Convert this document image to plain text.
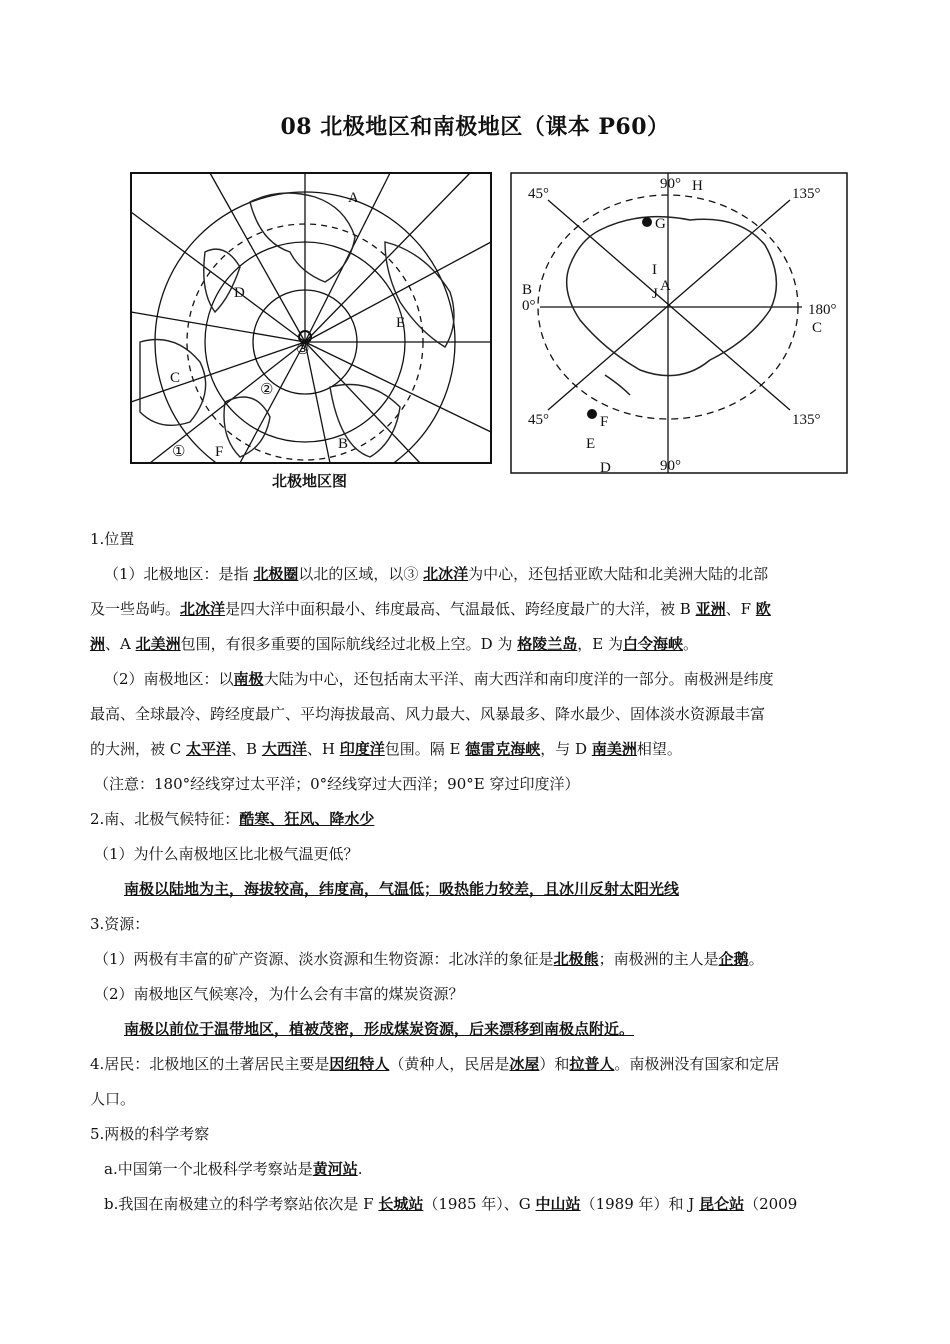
08 北极地区和南极地区（课本 P60）
A
B
C
D
E
F
①
②
③
北极地区图
90°
90°
45°
45°
135°
135°
0°	180°
A
B
C
D
E
F
G
H
I
J
1.位置
（1）北极地区：是指 北极圈以北的区域，以③ 北冰洋为中心，还包括亚欧大陆和北美洲大陆的北部
及一些岛屿。北冰洋是四大洋中面积最小、纬度最高、气温最低、跨经度最广的大洋，被 B 亚洲、F 欧
洲、A 北美洲包围，有很多重要的国际航线经过北极上空。D 为 格陵兰岛，E 为白令海峡。
（2）南极地区：以南极大陆为中心，还包括南太平洋、南大西洋和南印度洋的一部分。南极洲是纬度
最高、全球最冷、跨经度最广、平均海拔最高、风力最大、风暴最多、降水最少、固体淡水资源最丰富
的大洲，被 C 太平洋、B 大西洋、H 印度洋包围。隔 E 德雷克海峡，与 D 南美洲相望。
（注意：180°经线穿过太平洋；0°经线穿过大西洋；90°E 穿过印度洋）
2.南、北极气候特征：酷寒、狂风、降水少
（1）为什么南极地区比北极气温更低？
南极以陆地为主，海拔较高，纬度高，气温低；吸热能力较差，且冰川反射太阳光线
3.资源：
（1）两极有丰富的矿产资源、淡水资源和生物资源：北冰洋的象征是北极熊；南极洲的主人是企鹅。
（2）南极地区气候寒冷，为什么会有丰富的煤炭资源？
南极以前位于温带地区，植被茂密，形成煤炭资源，后来漂移到南极点附近。
4.居民：北极地区的土著居民主要是因纽特人（黄种人，民居是冰屋）和拉普人。南极洲没有国家和定居
人口。
5.两极的科学考察
a.中国第一个北极科学考察站是黄河站.
b.我国在南极建立的科学考察站依次是 F 长城站（1985 年）、G 中山站（1989 年）和 J 昆仑站（2009
